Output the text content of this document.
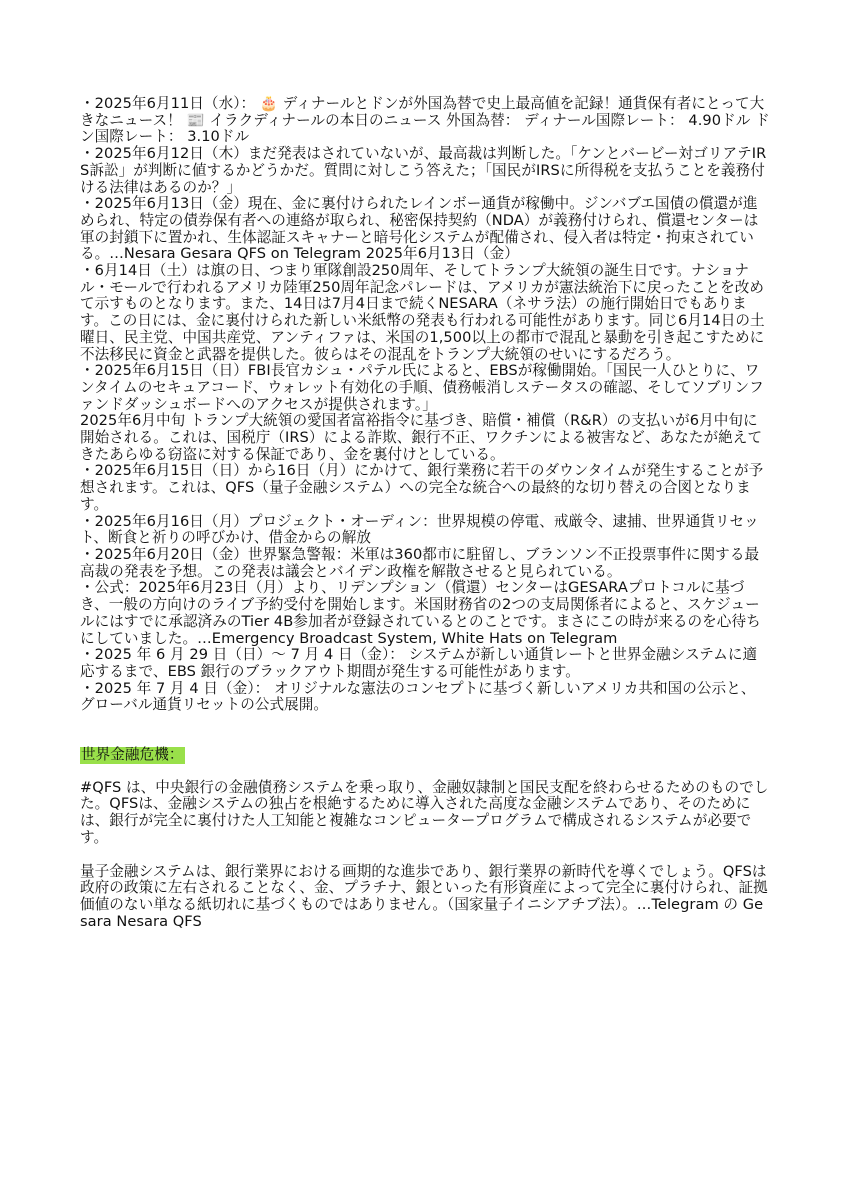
・2025年6月11日（水）： 🎂 ディナールとドンが外国為替で史上最高値を記録！通貨保有者にとって大きなニュース！ 📰 イラクディナールの本日のニュース 外国為替： ディナール国際レート： 4.90ドル ドン国際レート： 3.10ドル

・2025年6月12日（木）まだ発表はされていないが、最高裁は判断した。「ケンとバービー対ゴリアテIRS訴訟」が判断に値するかどうかだ。質問に対しこう答えた；「国民がIRSに所得税を支払うことを義務付ける法律はあるのか？」

・2025年6月13日（金）現在、金に裏付けられたレインボー通貨が稼働中。ジンバブエ国債の償還が進められ、特定の債券保有者への連絡が取られ、秘密保持契約（NDA）が義務付けられ、償還センターは軍の封鎖下に置かれ、生体認証スキャナーと暗号化システムが配備され、侵入者は特定・拘束されている。…Nesara Gesara QFS on Telegram 2025年6月13日（金）

・6月14日（土）は旗の日、つまり軍隊創設250周年、そしてトランプ大統領の誕生日です。ナショナル・モールで行われるアメリカ陸軍250周年記念パレードは、アメリカが憲法統治下に戻ったことを改めて示すものとなります。また、14日は7月4日まで続くNESARA（ネサラ法）の施行開始日でもあります。この日には、金に裏付けられた新しい米紙幣の発表も行われる可能性があります。同じ6月14日の土曜日、民主党、中国共産党、アンティファは、米国の1,500以上の都市で混乱と暴動を引き起こすために不法移民に資金と武器を提供した。彼らはその混乱をトランプ大統領のせいにするだろう。

・2025年6月15日（日）FBI長官カシュ・パテル氏によると、EBSが稼働開始。「国民一人ひとりに、ワンタイムのセキュアコード、ウォレット有効化の手順、債務帳消しステータスの確認、そしてソブリンファンドダッシュボードへのアクセスが提供されます。」
2025年6月中旬 トランプ大統領の愛国者富裕指令に基づき、賠償・補償（R&R）の支払いが6月中旬に開始される。これは、国税庁（IRS）による詐欺、銀行不正、ワクチンによる被害など、あなたが絶えてきたあらゆる窃盗に対する保証であり、金を裏付けとしている。

・2025年6月15日（日）から16日（月）にかけて、銀行業務に若干のダウンタイムが発生することが予想されます。これは、QFS（量子金融システム）への完全な統合への最終的な切り替えの合図となります。

・2025年6月16日（月）プロジェクト・オーディン：世界規模の停電、戒厳令、逮捕、世界通貨リセット、断食と祈りの呼びかけ、借金からの解放

・2025年6月20日（金）世界緊急警報：米軍は360都市に駐留し、ブランソン不正投票事件に関する最高裁の発表を予想。この発表は議会とバイデン政権を解散させると見られている。

・公式：2025年6月23日（月）より、リデンプション（償還）センターはGESARAプロトコルに基づき、一般の方向けのライブ予約受付を開始します。米国財務省の2つの支局関係者によると、スケジュールにはすでに承認済みのTier 4B参加者が登録されているとのことです。まさにこの時が来るのを心待ちにしていました。…Emergency Broadcast System, White Hats on Telegram

・2025 年 6 月 29 日（日）～ 7 月 4 日（金）： システムが新しい通貨レートと世界金融システムに適応するまで、EBS 銀行のブラックアウト期間が発生する可能性があります。

・2025 年 7 月 4 日（金）： オリジナルな憲法のコンセプトに基づく新しいアメリカ共和国の公示と、グローバル通貨リセットの公式展開。

世界金融危機：

#QFS は、中央銀行の金融債務システムを乗っ取り、金融奴隷制と国民支配を終わらせるためのものでした。QFSは、金融システムの独占を根絶するために導入された高度な金融システムであり、そのためには、銀行が完全に裏付けた人工知能と複雑なコンピュータープログラムで構成されるシステムが必要です。

量子金融システムは、銀行業界における画期的な進歩であり、銀行業界の新時代を導くでしょう。QFSは政府の政策に左右されることなく、金、プラチナ、銀といった有形資産によって完全に裏付けられ、証拠価値のない単なる紙切れに基づくものではありません。（国家量子イニシアチブ法）。…Telegram の Gesara Nesara QFS
